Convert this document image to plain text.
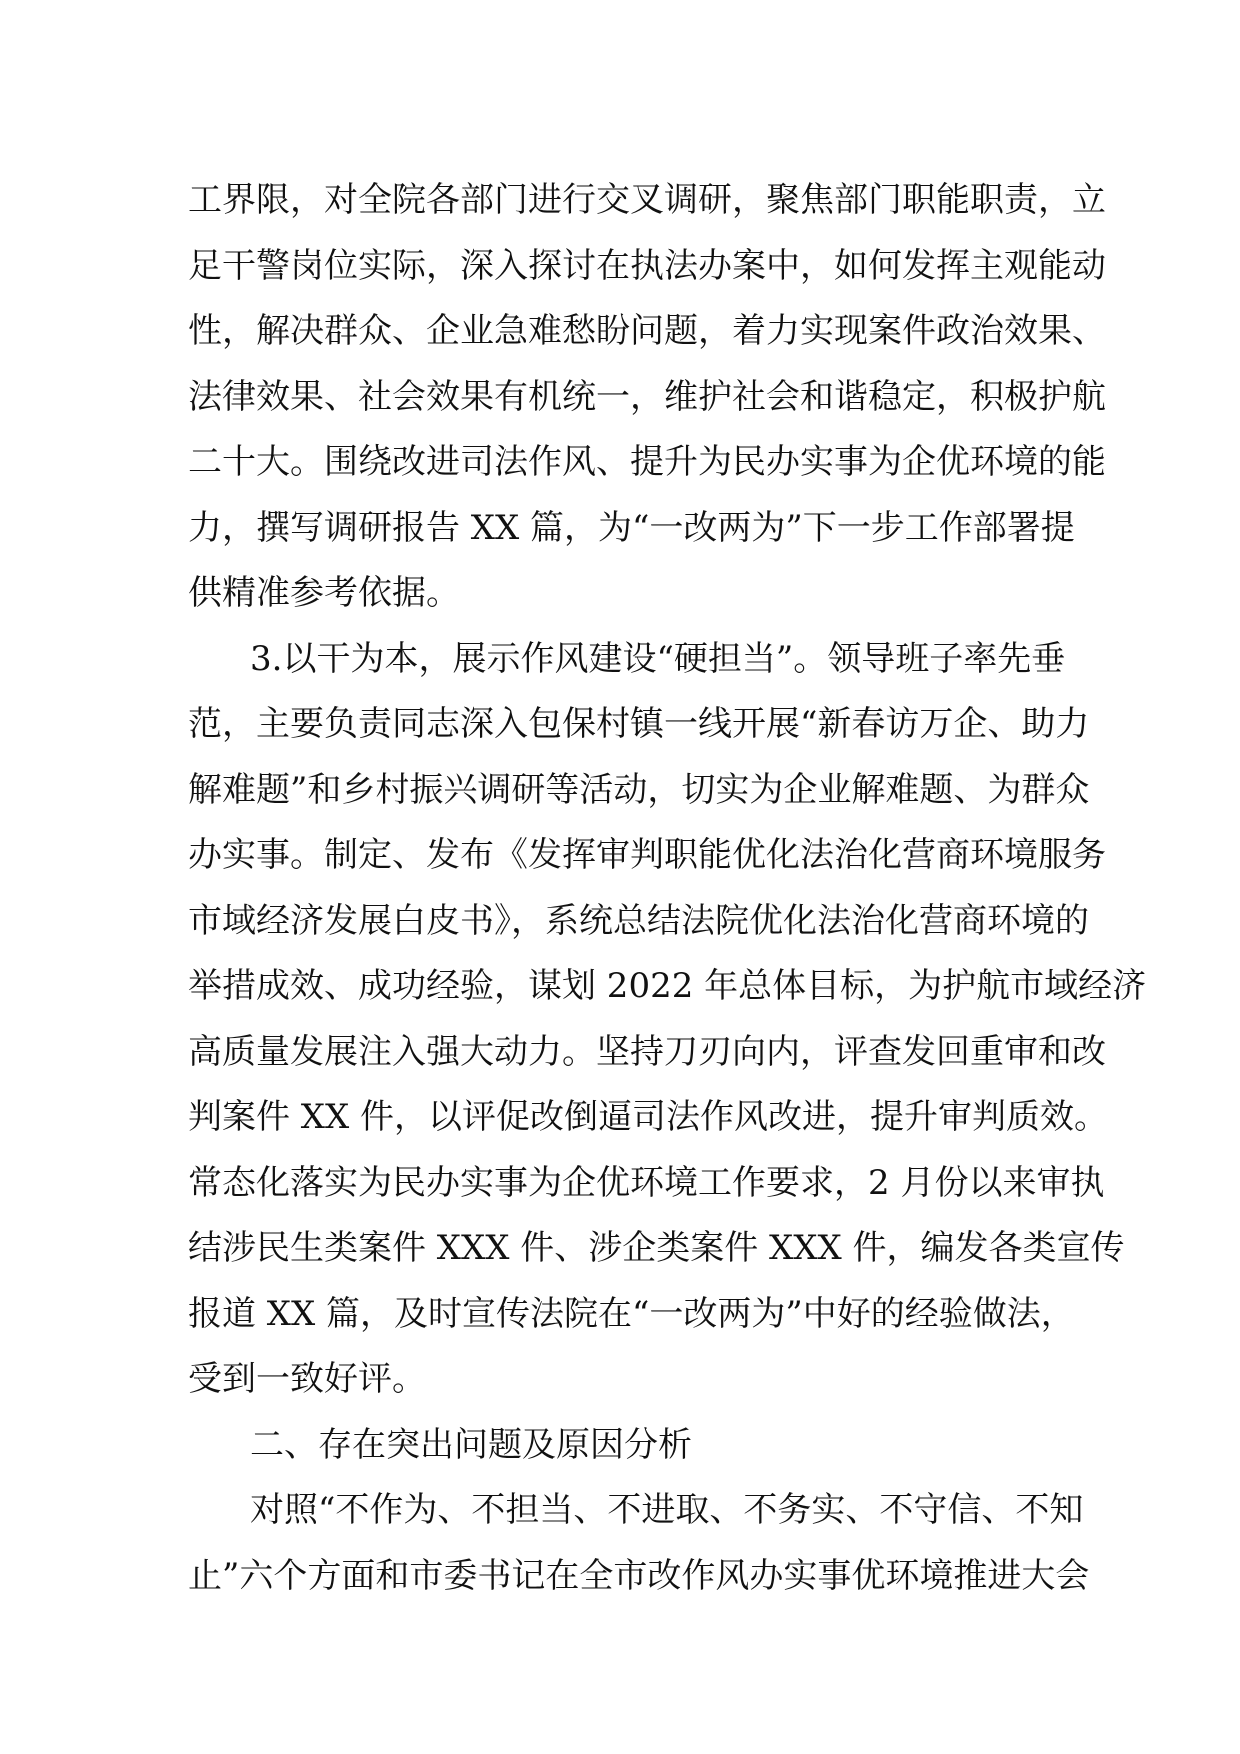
工界限，对全院各部门进行交叉调研，聚焦部门职能职责，立
足干警岗位实际，深入探讨在执法办案中，如何发挥主观能动
性，解决群众、企业急难愁盼问题，着力实现案件政治效果、
法律效果、社会效果有机统一，维护社会和谐稳定，积极护航
二十大。围绕改进司法作风、提升为民办实事为企优环境的能
力，撰写调研报告 XX 篇，为“一改两为”下一步工作部署提
供精准参考依据。
3.以干为本，展示作风建设“硬担当”。领导班子率先垂
范，主要负责同志深入包保村镇一线开展“新春访万企、助力
解难题”和乡村振兴调研等活动，切实为企业解难题、为群众
办实事。制定、发布《发挥审判职能优化法治化营商环境服务
市域经济发展白皮书》，系统总结法院优化法治化营商环境的
举措成效、成功经验，谋划 2022 年总体目标，为护航市域经济
高质量发展注入强大动力。坚持刀刃向内，评查发回重审和改
判案件 XX 件，以评促改倒逼司法作风改进，提升审判质效。
常态化落实为民办实事为企优环境工作要求，2 月份以来审执
结涉民生类案件 XXX 件、涉企类案件 XXX 件，编发各类宣传
报道 XX 篇，及时宣传法院在“一改两为”中好的经验做法，
受到一致好评。
二、存在突出问题及原因分析
对照“不作为、不担当、不进取、不务实、不守信、不知
止”六个方面和市委书记在全市改作风办实事优环境推进大会
